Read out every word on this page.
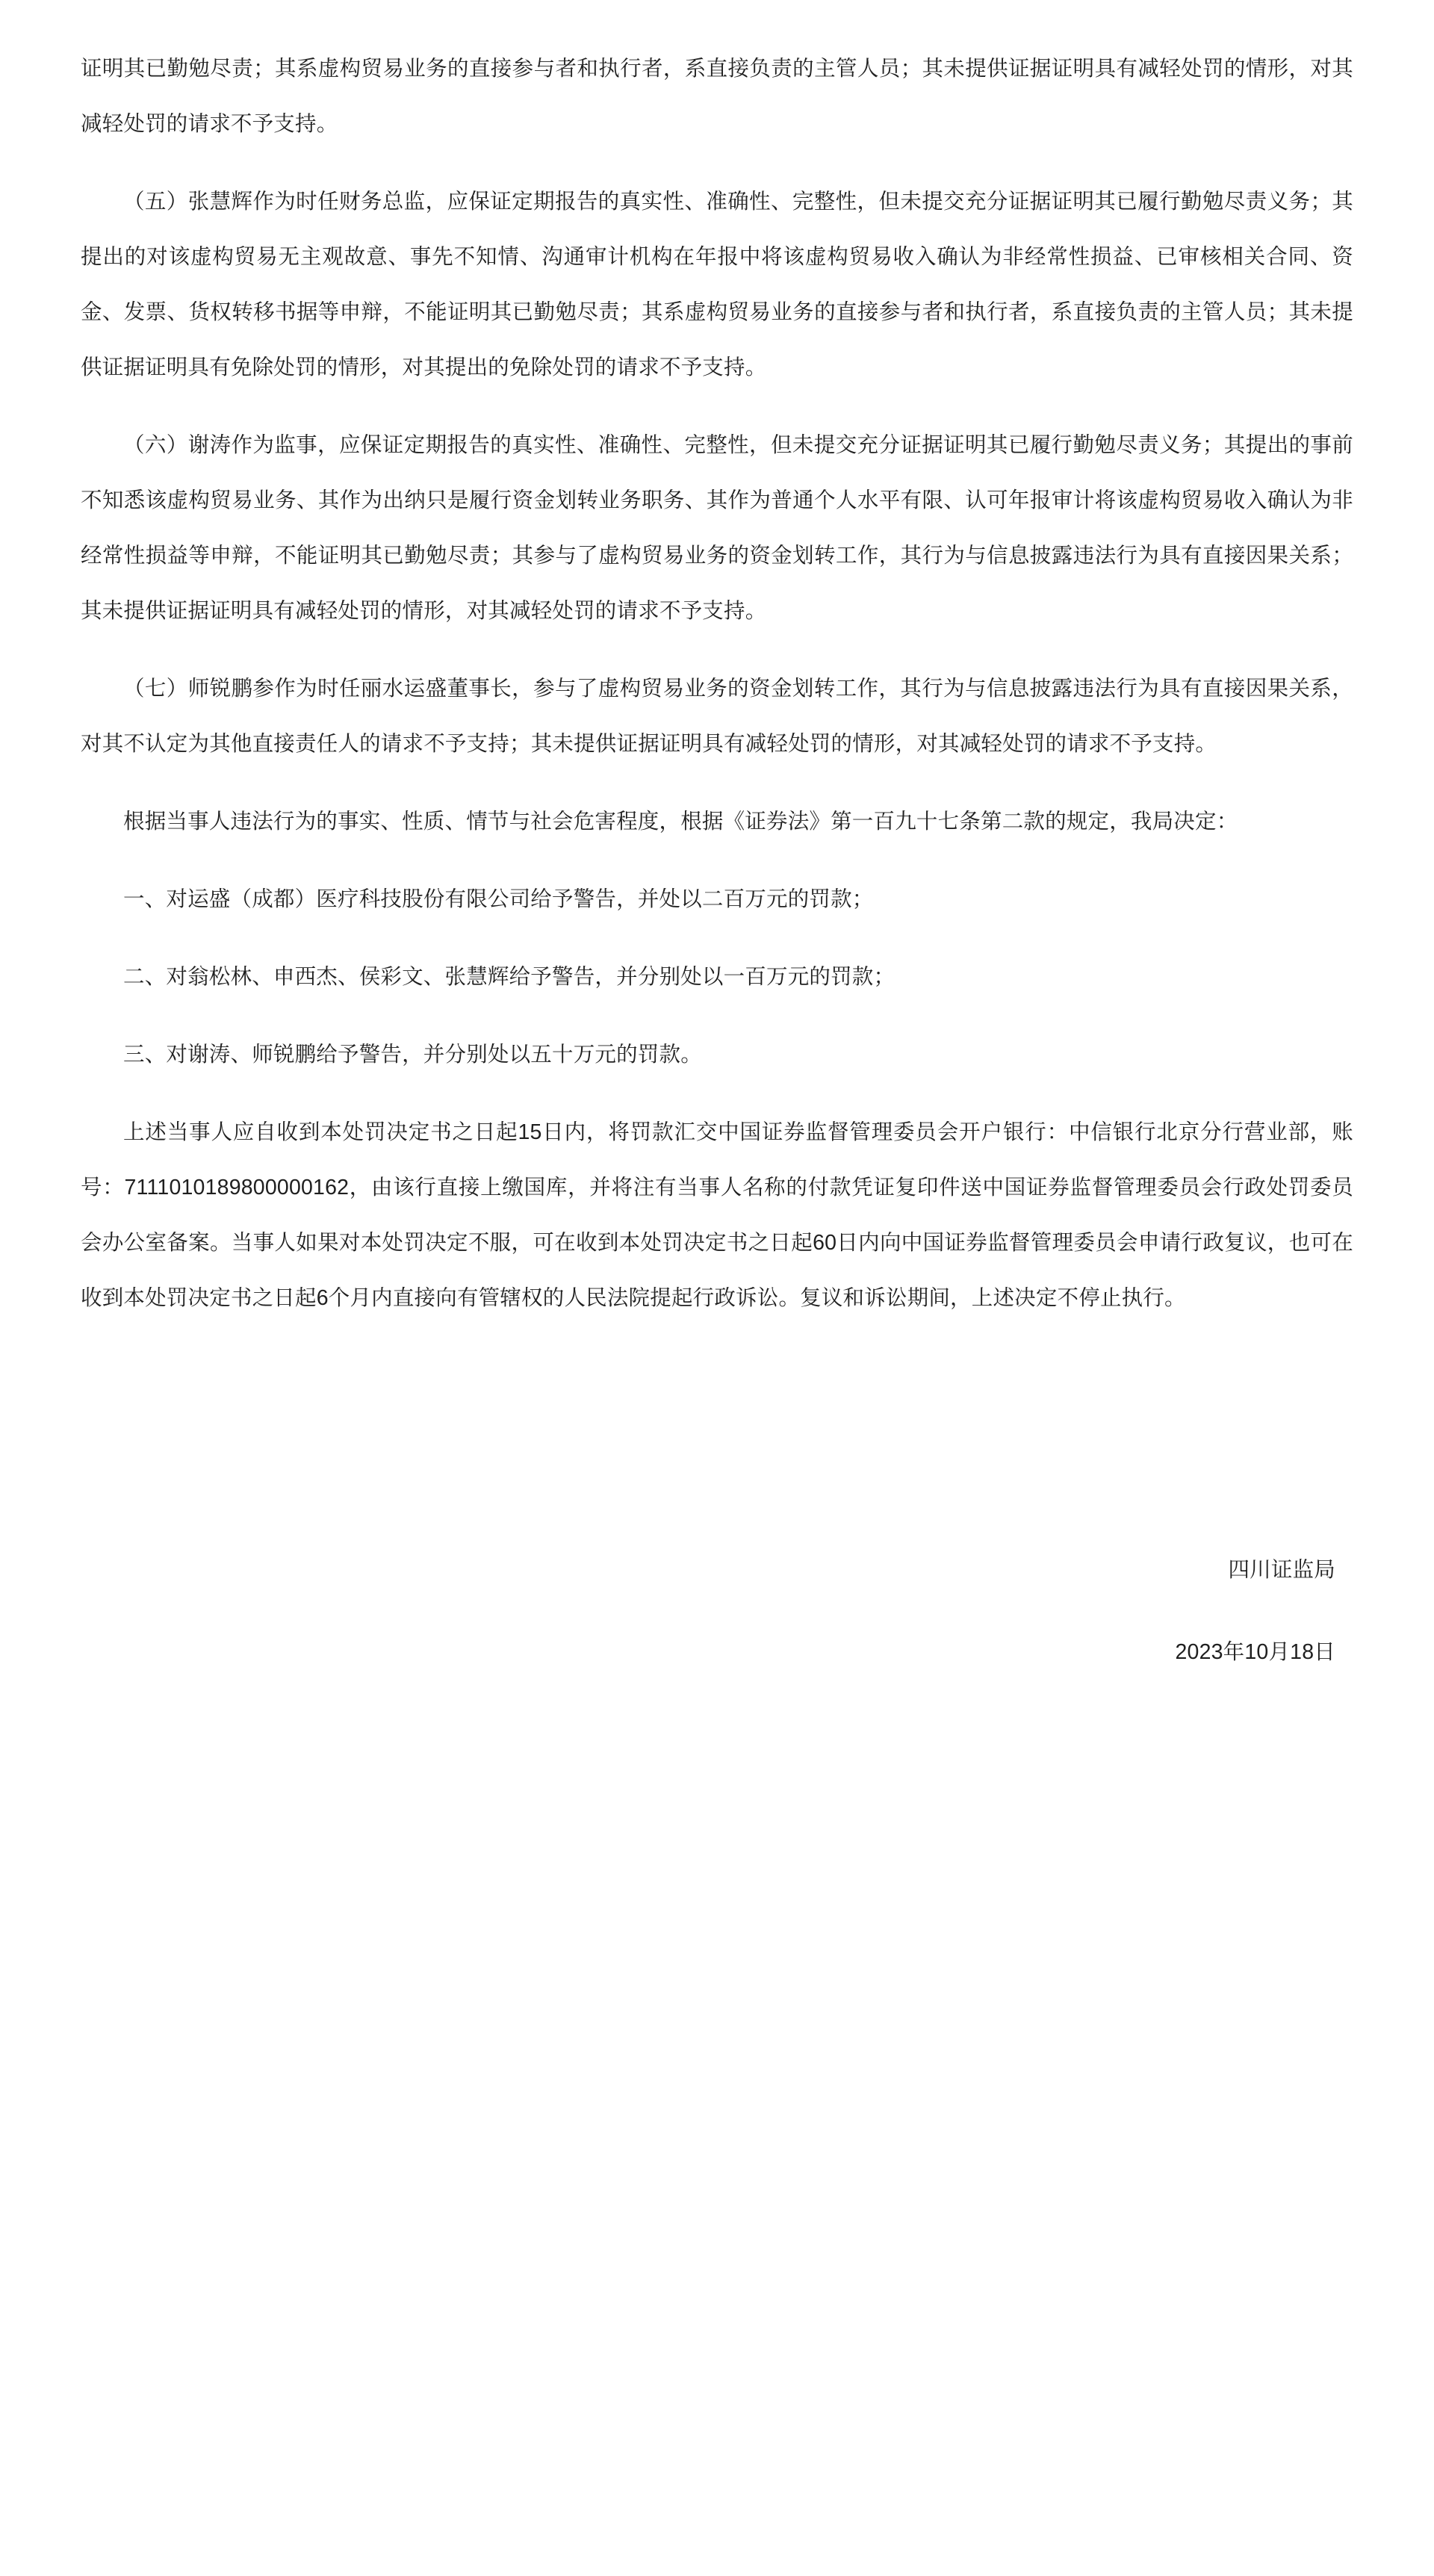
证明其已勤勉尽责；其系虚构贸易业务的直接参与者和执行者，系直接负责的主管人员；其未提供证据证明具有减轻处罚的情形，对其减轻处罚的请求不予支持。

（五）张慧辉作为时任财务总监，应保证定期报告的真实性、准确性、完整性，但未提交充分证据证明其已履行勤勉尽责义务；其提出的对该虚构贸易无主观故意、事先不知情、沟通审计机构在年报中将该虚构贸易收入确认为非经常性损益、已审核相关合同、资金、发票、货权转移书据等申辩，不能证明其已勤勉尽责；其系虚构贸易业务的直接参与者和执行者，系直接负责的主管人员；其未提供证据证明具有免除处罚的情形，对其提出的免除处罚的请求不予支持。

（六）谢涛作为监事，应保证定期报告的真实性、准确性、完整性，但未提交充分证据证明其已履行勤勉尽责义务；其提出的事前不知悉该虚构贸易业务、其作为出纳只是履行资金划转业务职务、其作为普通个人水平有限、认可年报审计将该虚构贸易收入确认为非经常性损益等申辩，不能证明其已勤勉尽责；其参与了虚构贸易业务的资金划转工作，其行为与信息披露违法行为具有直接因果关系；其未提供证据证明具有减轻处罚的情形，对其减轻处罚的请求不予支持。

（七）师锐鹏参作为时任丽水运盛董事长，参与了虚构贸易业务的资金划转工作，其行为与信息披露违法行为具有直接因果关系，对其不认定为其他直接责任人的请求不予支持；其未提供证据证明具有减轻处罚的情形，对其减轻处罚的请求不予支持。

根据当事人违法行为的事实、性质、情节与社会危害程度，根据《证券法》第一百九十七条第二款的规定，我局决定：

一、对运盛（成都）医疗科技股份有限公司给予警告，并处以二百万元的罚款；

二、对翁松林、申西杰、侯彩文、张慧辉给予警告，并分别处以一百万元的罚款；

三、对谢涛、师锐鹏给予警告，并分别处以五十万元的罚款。

上述当事人应自收到本处罚决定书之日起15日内，将罚款汇交中国证券监督管理委员会开户银行：中信银行北京分行营业部，账号：7111010189800000162，由该行直接上缴国库，并将注有当事人名称的付款凭证复印件送中国证券监督管理委员会行政处罚委员会办公室备案。当事人如果对本处罚决定不服，可在收到本处罚决定书之日起60日内向中国证券监督管理委员会申请行政复议，也可在收到本处罚决定书之日起6个月内直接向有管辖权的人民法院提起行政诉讼。复议和诉讼期间，上述决定不停止执行。

四川证监局
2023年10月18日
